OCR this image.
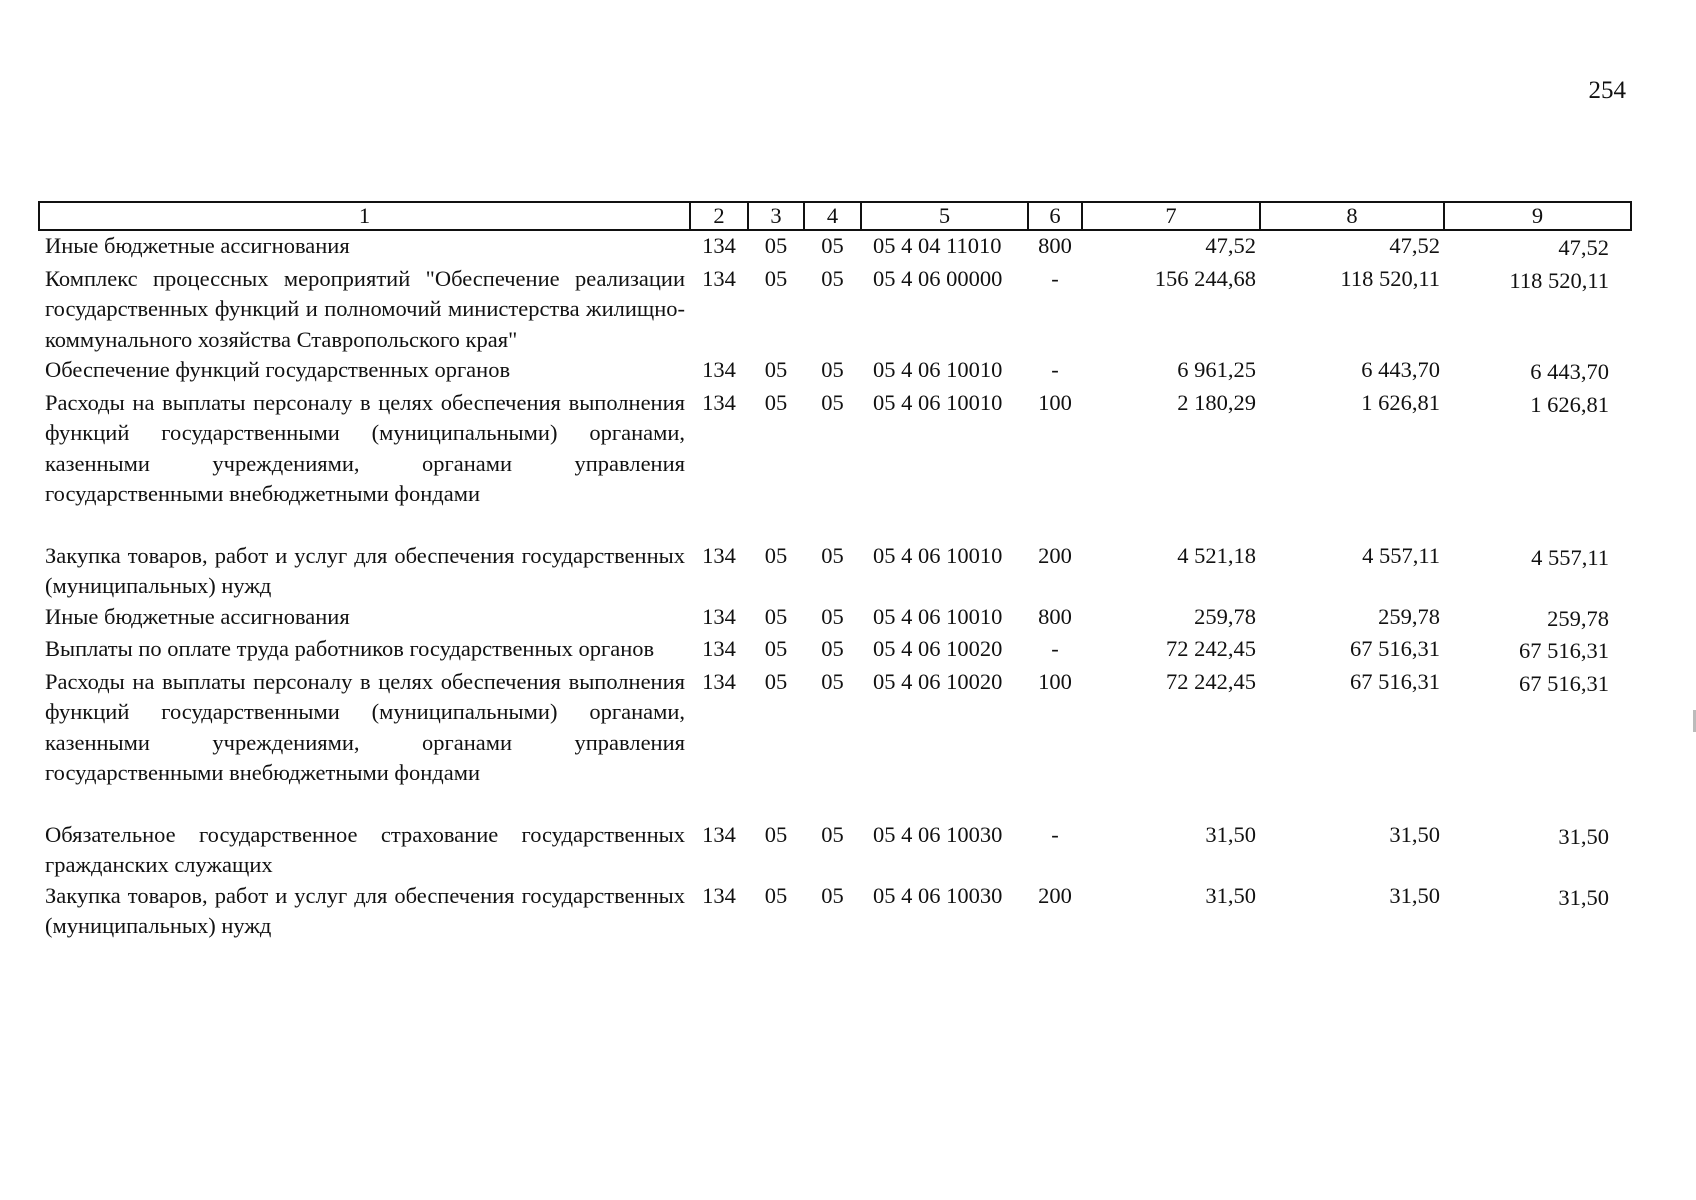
254
1	2	3	4	5	6	7	8	9
Иные бюджетные ассигнования	134	05	05	05 4 04 11010	800	47,52	47,52	47,52
Комплекс процессных мероприятий "Обеспечение реализации государственных функций и полномочий министерства жилищно-коммунального хозяйства Ставропольского края"	134	05	05	05 4 06 00000	-	156 244,68	118 520,11	118 520,11
Обеспечение функций государственных органов	134	05	05	05 4 06 10010	-	6 961,25	6 443,70	6 443,70
Расходы на выплаты персоналу в целях обеспечения выполнения функций государственными (муниципальными) органами, казенными учреждениями, органами управления государственными внебюджетными фондами	134	05	05	05 4 06 10010	100	2 180,29	1 626,81	1 626,81
Закупка товаров, работ и услуг для обеспечения государственных (муниципальных) нужд	134	05	05	05 4 06 10010	200	4 521,18	4 557,11	4 557,11
Иные бюджетные ассигнования	134	05	05	05 4 06 10010	800	259,78	259,78	259,78
Выплаты по оплате труда работников государственных органов	134	05	05	05 4 06 10020	-	72 242,45	67 516,31	67 516,31
Расходы на выплаты персоналу в целях обеспечения выполнения функций государственными (муниципальными) органами, казенными учреждениями, органами управления государственными внебюджетными фондами	134	05	05	05 4 06 10020	100	72 242,45	67 516,31	67 516,31
Обязательное государственное страхование государственных гражданских служащих	134	05	05	05 4 06 10030	-	31,50	31,50	31,50
Закупка товаров, работ и услуг для обеспечения государственных (муниципальных) нужд	134	05	05	05 4 06 10030	200	31,50	31,50	31,50
